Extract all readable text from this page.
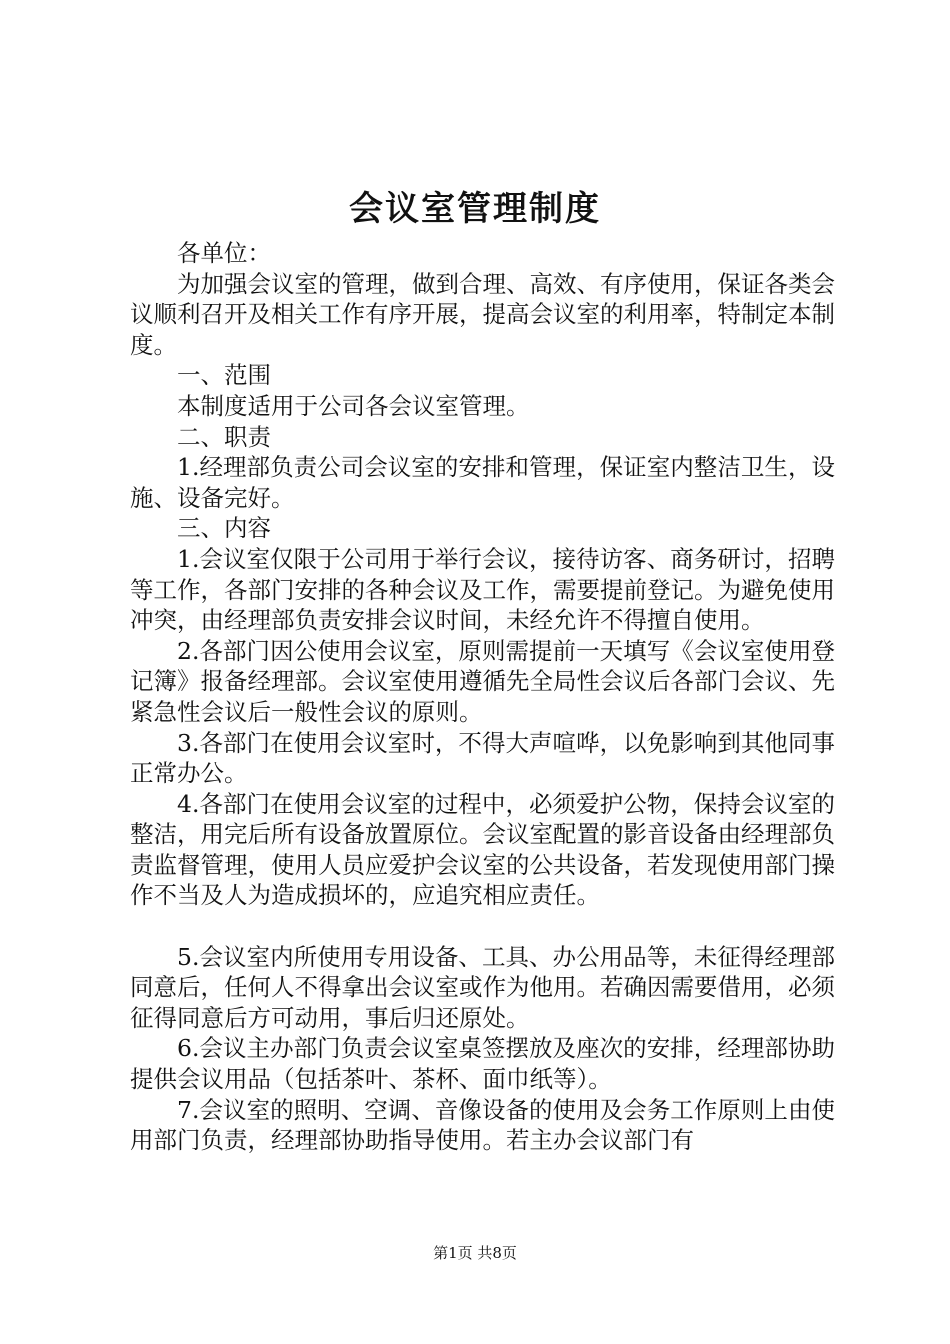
会议室管理制度

各单位：

为加强会议室的管理，做到合理、高效、有序使用，保证各类会议顺利召开及相关工作有序开展，提高会议室的利用率，特制定本制度。

一、范围

本制度适用于公司各会议室管理。

二、职责

1.经理部负责公司会议室的安排和管理，保证室内整洁卫生，设施、设备完好。

三、内容

1.会议室仅限于公司用于举行会议，接待访客、商务研讨，招聘等工作，各部门安排的各种会议及工作，需要提前登记。为避免使用冲突，由经理部负责安排会议时间，未经允许不得擅自使用。

2.各部门因公使用会议室，原则需提前一天填写《会议室使用登记簿》报备经理部。会议室使用遵循先全局性会议后各部门会议、先紧急性会议后一般性会议的原则。

3.各部门在使用会议室时，不得大声喧哗，以免影响到其他同事正常办公。

4.各部门在使用会议室的过程中，必须爱护公物，保持会议室的整洁，用完后所有设备放置原位。会议室配置的影音设备由经理部负责监督管理，使用人员应爱护会议室的公共设备，若发现使用部门操作不当及人为造成损坏的，应追究相应责任。

5.会议室内所使用专用设备、工具、办公用品等，未征得经理部同意后，任何人不得拿出会议室或作为他用。若确因需要借用，必须征得同意后方可动用，事后归还原处。

6.会议主办部门负责会议室桌签摆放及座次的安排，经理部协助提供会议用品（包括茶叶、茶杯、面巾纸等）。

7.会议室的照明、空调、音像设备的使用及会务工作原则上由使用部门负责，经理部协助指导使用。若主办会议部门有

第1页 共8页
